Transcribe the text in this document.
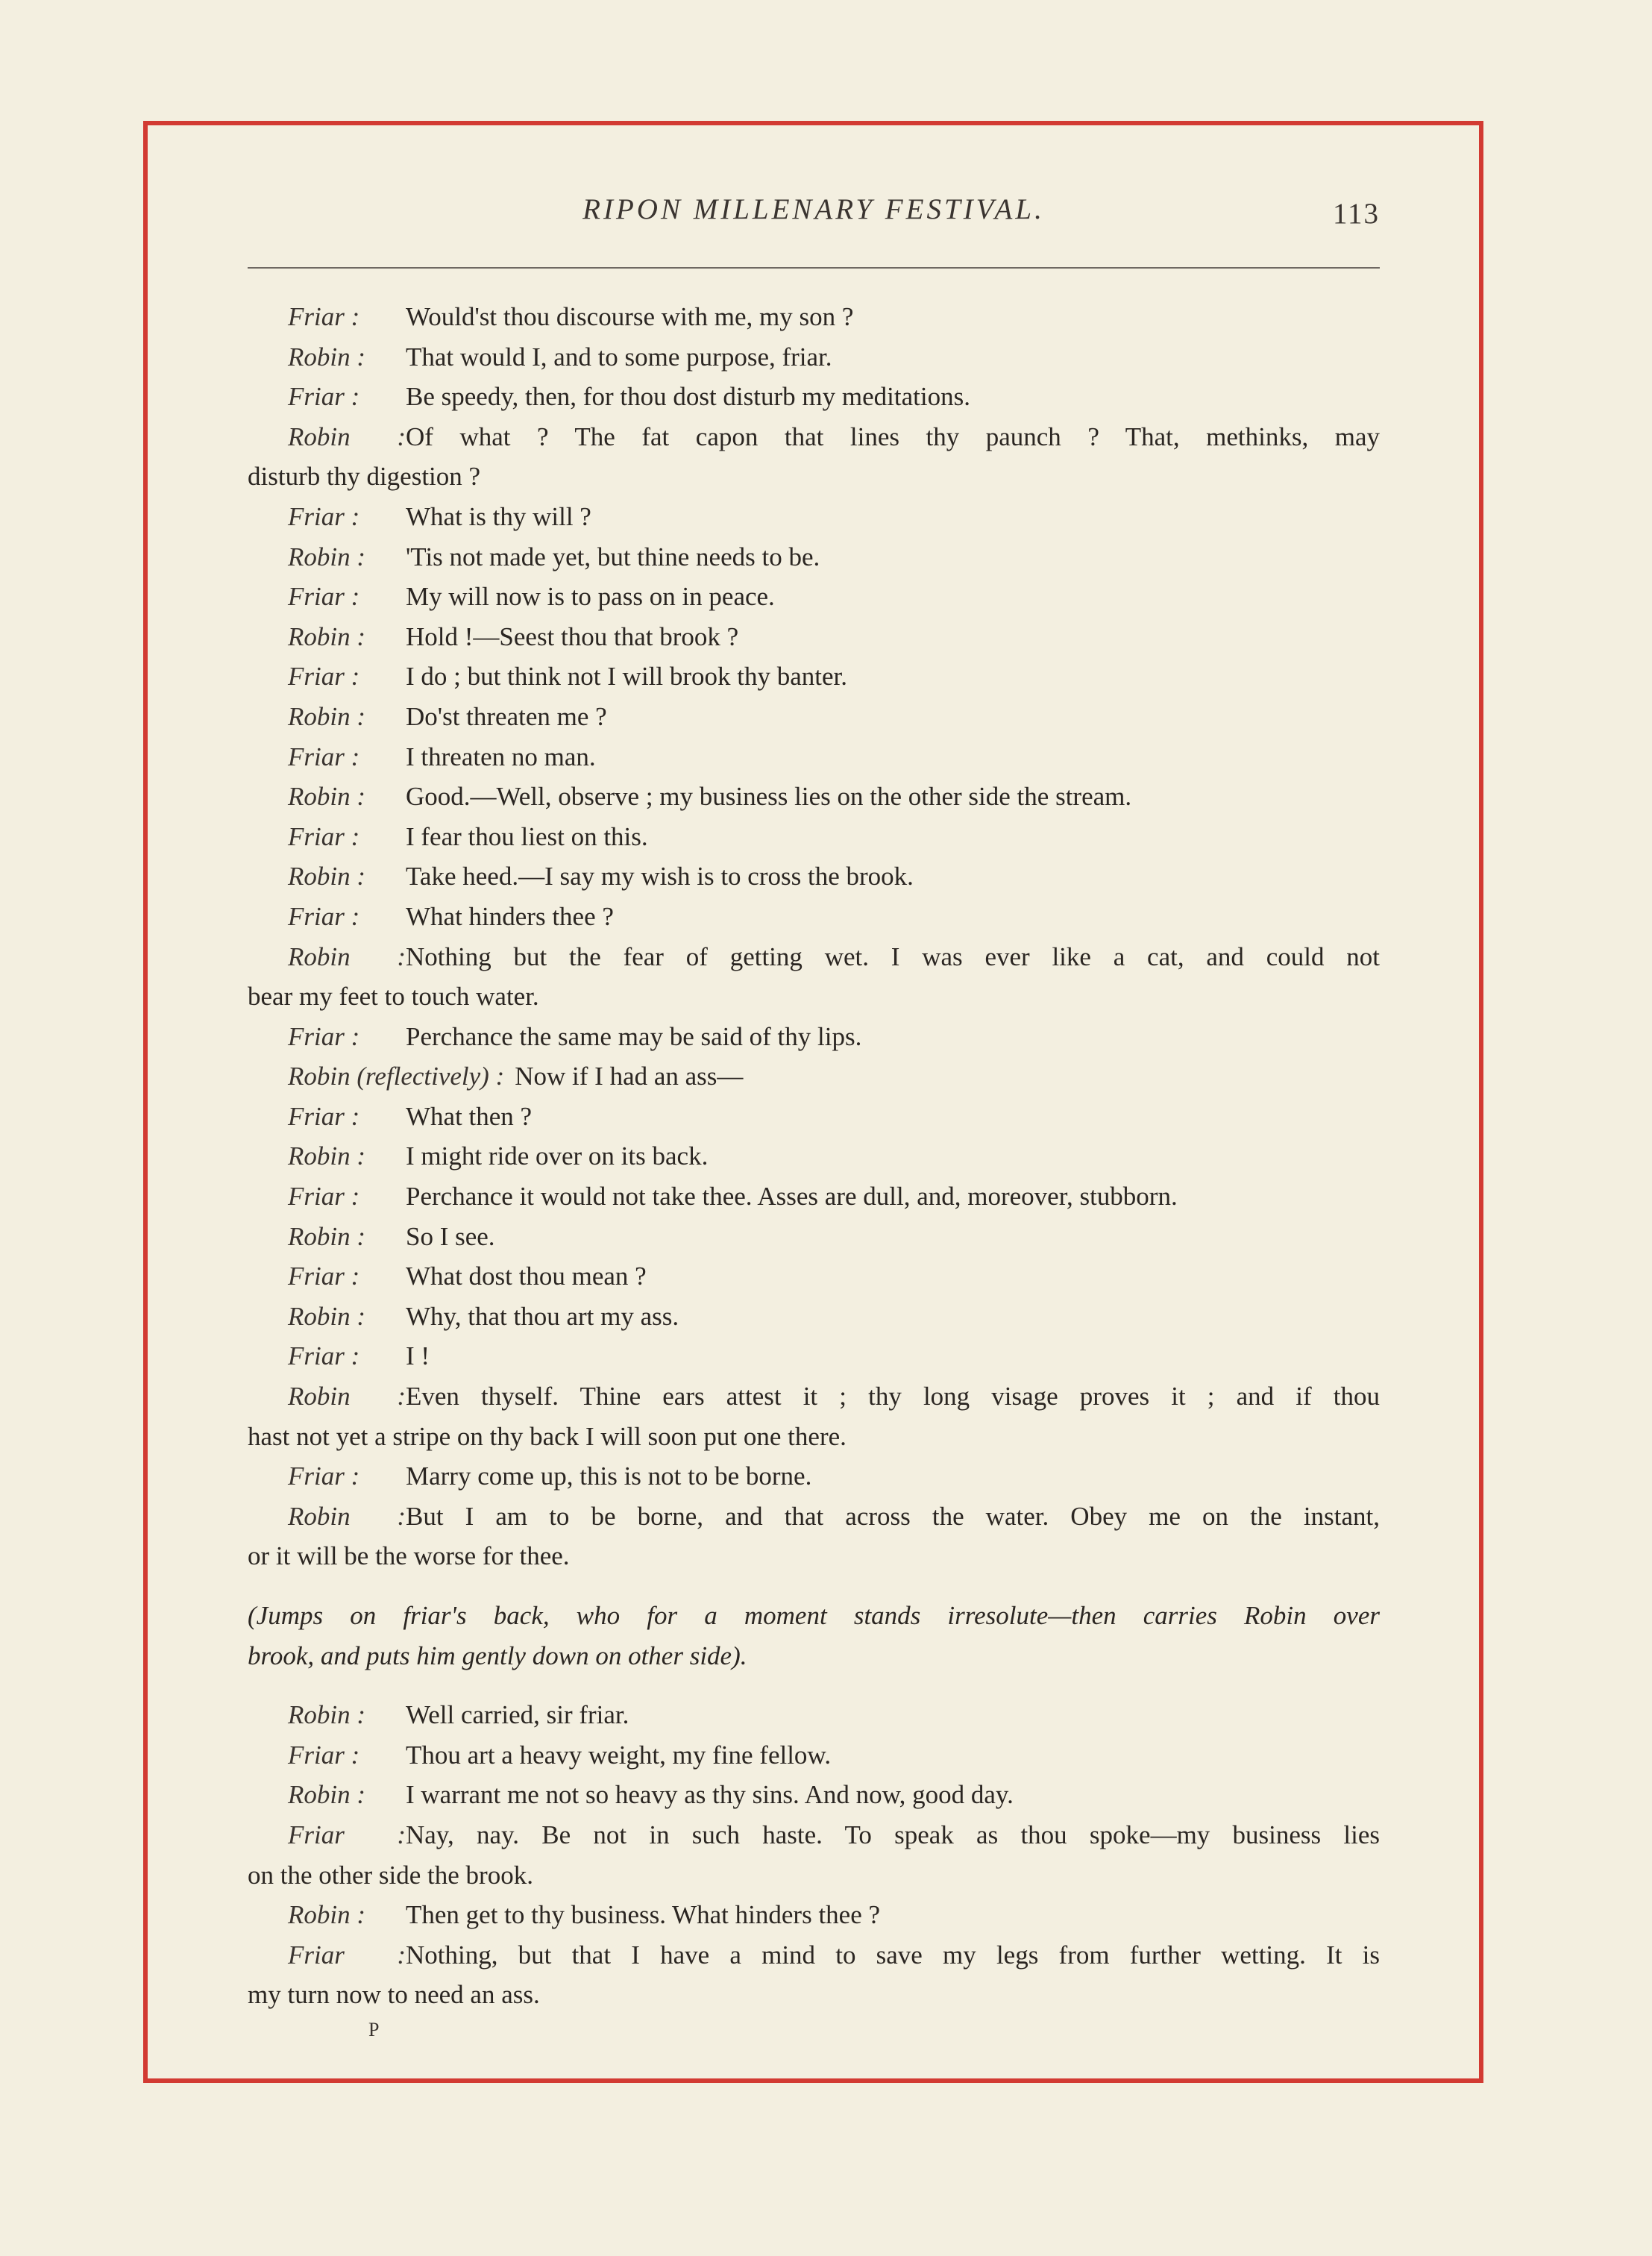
RIPON MILLENARY FESTIVAL.	113
Friar : Would'st thou discourse with me, my son ?
Robin : That would I, and to some purpose, friar.
Friar : Be speedy, then, for thou dost disturb my meditations.
Robin :Of what ? The fat capon that lines thy paunch ? That, methinks, may
disturb thy digestion ?
Friar : What is thy will ?
Robin : 'Tis not made yet, but thine needs to be.
Friar : My will now is to pass on in peace.
Robin : Hold !—Seest thou that brook ?
Friar : I do ; but think not I will brook thy banter.
Robin : Do'st threaten me ?
Friar : I threaten no man.
Robin : Good.—Well, observe ; my business lies on the other side the stream.
Friar : I fear thou liest on this.
Robin : Take heed.—I say my wish is to cross the brook.
Friar : What hinders thee ?
Robin :Nothing but the fear of getting wet. I was ever like a cat, and could not
bear my feet to touch water.
Friar : Perchance the same may be said of thy lips.
Robin (reflectively) : Now if I had an ass—
Friar : What then ?
Robin : I might ride over on its back.
Friar : Perchance it would not take thee. Asses are dull, and, moreover, stubborn.
Robin : So I see.
Friar : What dost thou mean ?
Robin : Why, that thou art my ass.
Friar : I !
Robin :Even thyself. Thine ears attest it ; thy long visage proves it ; and if thou
hast not yet a stripe on thy back I will soon put one there.
Friar : Marry come up, this is not to be borne.
Robin :But I am to be borne, and that across the water. Obey me on the instant,
or it will be the worse for thee.
(Jumps on friar's back, who for a moment stands irresolute—then carries Robin over
brook, and puts him gently down on other side).
Robin : Well carried, sir friar.
Friar : Thou art a heavy weight, my fine fellow.
Robin : I warrant me not so heavy as thy sins. And now, good day.
Friar :Nay, nay. Be not in such haste. To speak as thou spoke—my business lies
on the other side the brook.
Robin : Then get to thy business. What hinders thee ?
Friar :Nothing, but that I have a mind to save my legs from further wetting. It is
my turn now to need an ass.
P
